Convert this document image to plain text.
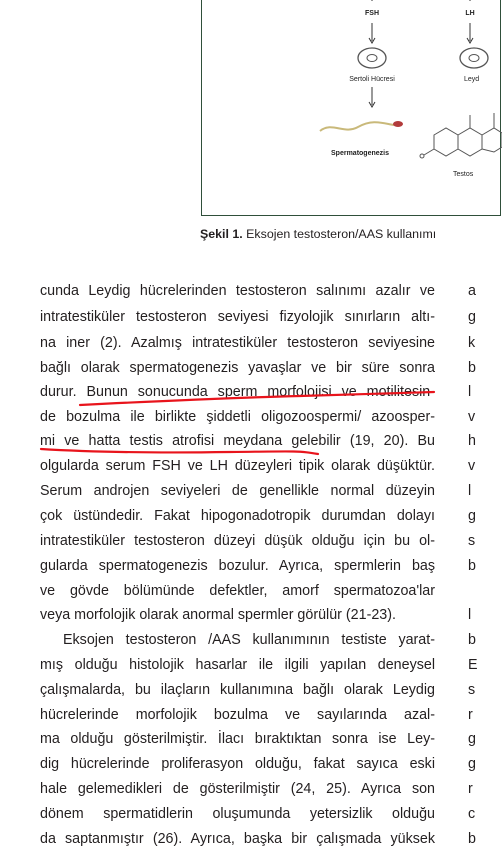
FSH	LH
Sertoli Hücresi	Leyd
Spermatogenezis
Testos
Şekil 1. Eksojen testosteron/AAS kullanımı
cunda Leydig hücrelerinden testosteron salınımı azalır ve
intratestiküler testosteron seviyesi fizyolojik sınırların altı-
na iner (2). Azalmış intratestiküler testosteron seviyesine
bağlı olarak spermatogenezis yavaşlar ve bir süre sonra
durur. Bunun sonucunda sperm morfolojisi ve motilitesin-
de bozulma ile birlikte şiddetli oligozoospermi/ azoosper-
mi ve hatta testis atrofisi meydana gelebilir (19, 20). Bu
olgularda serum FSH ve LH düzeyleri tipik olarak düşüktür.
Serum androjen seviyeleri de genellikle normal düzeyin
çok üstündedir. Fakat hipogonadotropik durumdan dolayı
intratestiküler testosteron düzeyi düşük olduğu için bu ol-
gularda spermatogenezis bozulur. Ayrıca, spermlerin baş
ve gövde bölümünde defektler, amorf spermatozoa'lar
veya morfolojik olarak anormal spermler görülür (21-23).
Eksojen testosteron /AAS kullanımının testiste yarat-
mış olduğu histolojik hasarlar ile ilgili yapılan deneysel
çalışmalarda, bu ilaçların kullanımına bağlı olarak Leydig
hücrelerinde morfolojik bozulma ve sayılarında azal-
ma olduğu gösterilmiştir. İlacı bıraktıktan sonra ise Ley-
dig hücrelerinde proliferasyon olduğu, fakat sayıca eski
hale gelemedikleri de gösterilmiştir (24, 25). Ayrıca son
dönem spermatidlerin oluşumunda yetersizlik olduğu
da saptanmıştır (26). Ayrıca, başka bir çalışmada yüksek
a
g
k
b
l
v
h
v
l
g
s
b
l
b
E
s
r
g
g
r
c
b
